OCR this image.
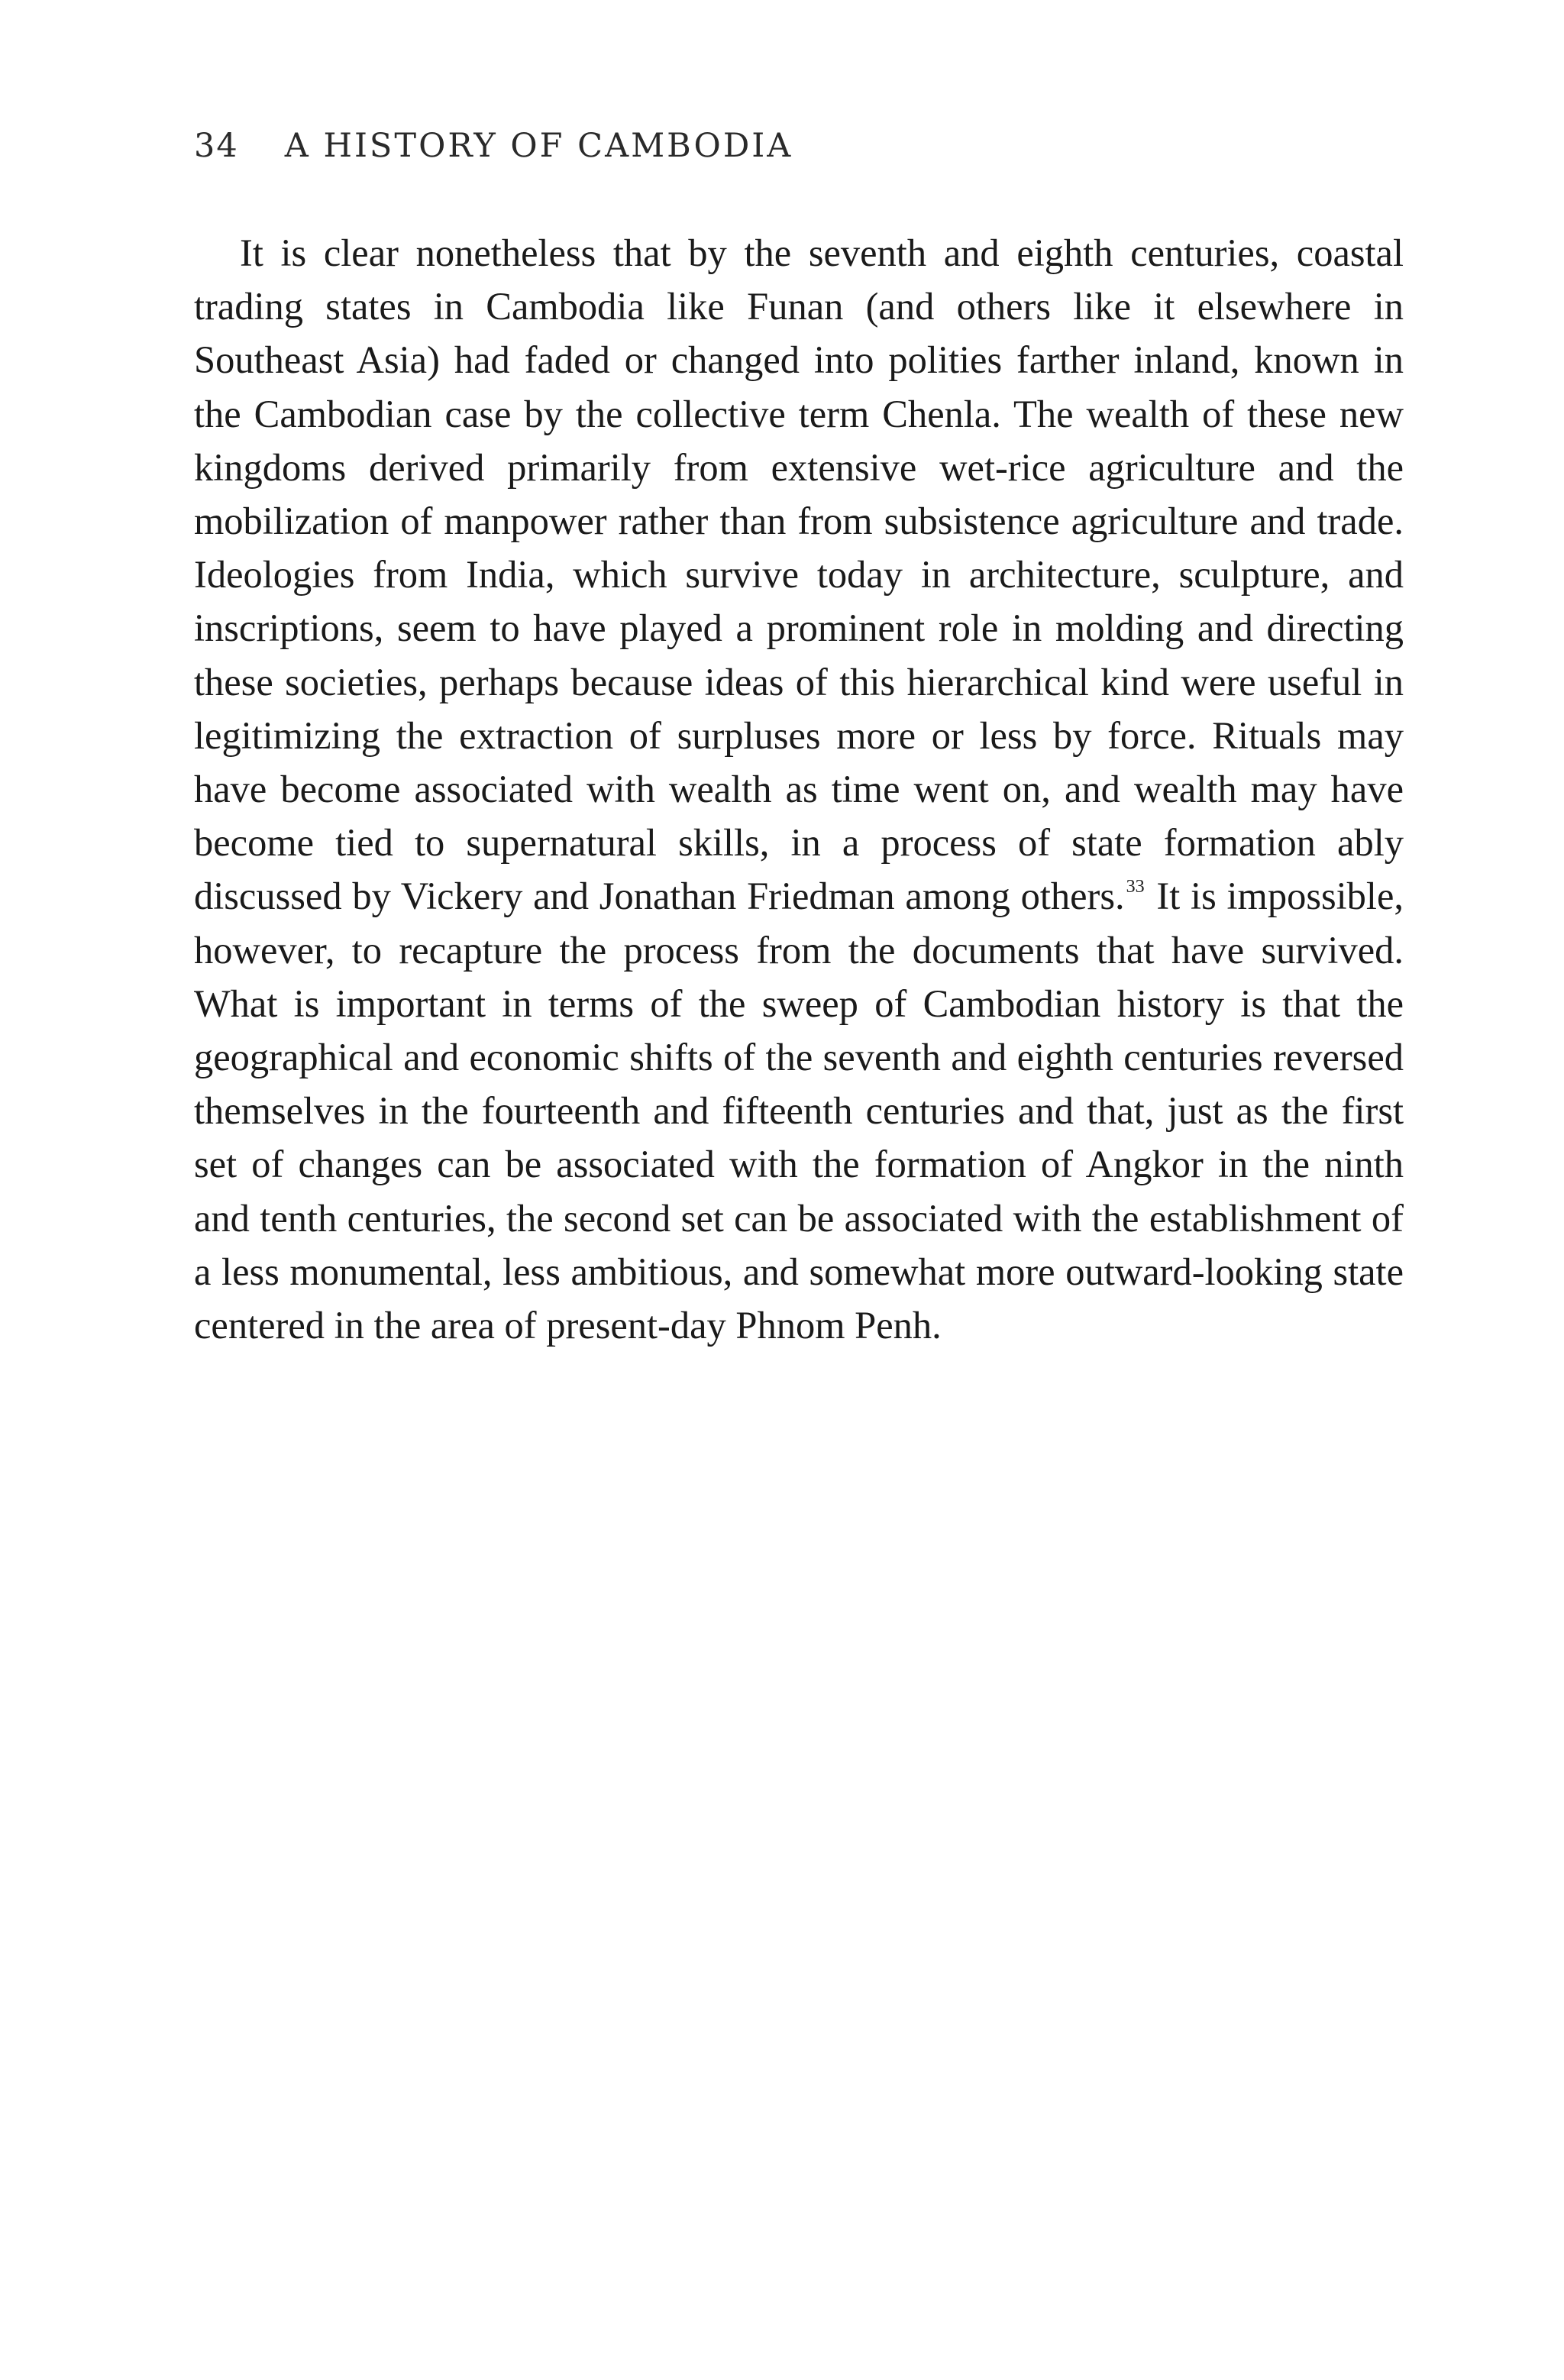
34 A HISTORY OF CAMBODIA

It is clear nonetheless that by the seventh and eighth centuries, coastal trading states in Cambodia like Funan (and others like it elsewhere in Southeast Asia) had faded or changed into polities farther inland, known in the Cambodian case by the collective term Chenla. The wealth of these new kingdoms derived primarily from extensive wet-rice agriculture and the mobilization of manpower rather than from subsistence agriculture and trade. Ideologies from India, which survive today in architecture, sculpture, and inscriptions, seem to have played a prominent role in molding and directing these societies, perhaps because ideas of this hierarchical kind were useful in legitimizing the extraction of surpluses more or less by force. Rituals may have become associated with wealth as time went on, and wealth may have become tied to supernatural skills, in a process of state formation ably discussed by Vickery and Jonathan Friedman among others.$^{33}$ It is impossible, however, to recapture the process from the documents that have survived. What is important in terms of the sweep of Cambodian history is that the geographical and economic shifts of the seventh and eighth centuries reversed themselves in the fourteenth and fifteenth centuries and that, just as the first set of changes can be associated with the formation of Angkor in the ninth and tenth centuries, the second set can be associated with the establishment of a less monumental, less ambitious, and somewhat more outward-looking state centered in the area of present-day Phnom Penh.
